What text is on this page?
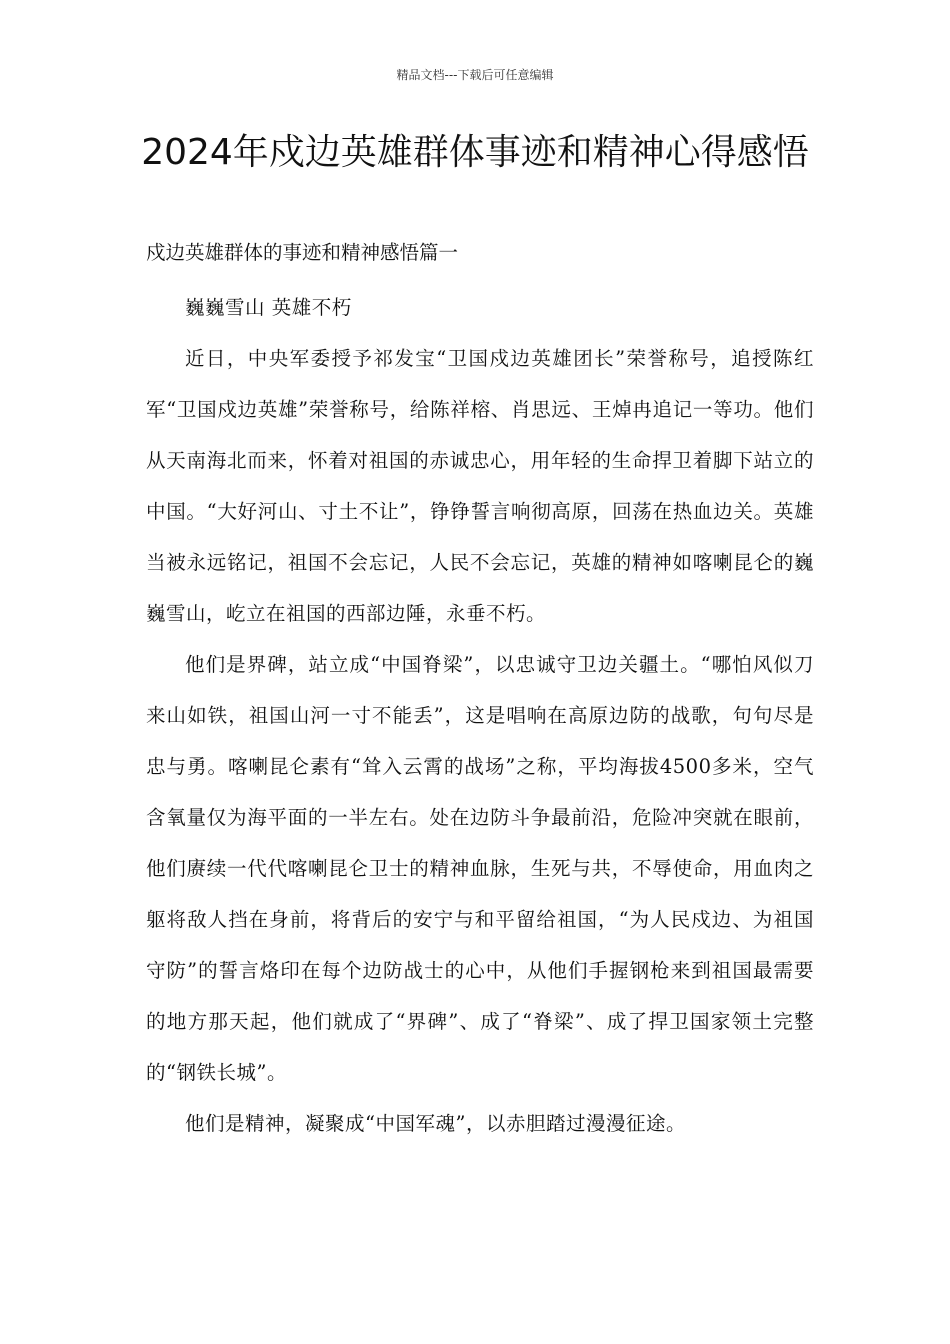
精品文档---下载后可任意编辑
2024年戍边英雄群体事迹和精神心得感悟

戍边英雄群体的事迹和精神感悟篇一

巍巍雪山 英雄不朽

近日，中央军委授予祁发宝“卫国戍边英雄团长”荣誉称号，追授陈红军“卫国戍边英雄”荣誉称号，给陈祥榕、肖思远、王焯冉追记一等功。他们从天南海北而来，怀着对祖国的赤诚忠心，用年轻的生命捍卫着脚下站立的中国。“大好河山、寸土不让”，铮铮誓言响彻高原，回荡在热血边关。英雄当被永远铭记，祖国不会忘记，人民不会忘记，英雄的精神如喀喇昆仑的巍巍雪山，屹立在祖国的西部边陲，永垂不朽。

他们是界碑，站立成“中国脊梁”，以忠诚守卫边关疆土。“哪怕风似刀来山如铁，祖国山河一寸不能丢”，这是唱响在高原边防的战歌，句句尽是忠与勇。喀喇昆仑素有“耸入云霄的战场”之称，平均海拔4500多米，空气含氧量仅为海平面的一半左右。处在边防斗争最前沿，危险冲突就在眼前，他们赓续一代代喀喇昆仑卫士的精神血脉，生死与共，不辱使命，用血肉之躯将敌人挡在身前，将背后的安宁与和平留给祖国，“为人民戍边、为祖国守防”的誓言烙印在每个边防战士的心中，从他们手握钢枪来到祖国最需要的地方那天起，他们就成了“界碑”、成了“脊梁”、成了捍卫国家领土完整的“钢铁长城”。

他们是精神，凝聚成“中国军魂”，以赤胆踏过漫漫征途。
